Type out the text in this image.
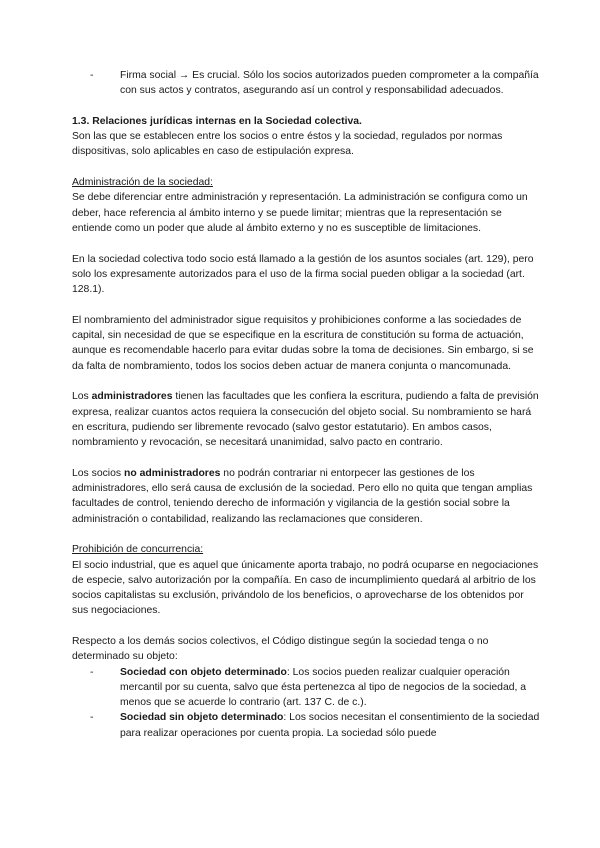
-	Firma social → Es crucial. Sólo los socios autorizados pueden comprometer a la compañía con sus actos y contratos, asegurando así un control y responsabilidad adecuados.

1.3. Relaciones jurídicas internas en la Sociedad colectiva.

Son las que se establecen entre los socios o entre éstos y la sociedad, regulados por normas dispositivas, solo aplicables en caso de estipulación expresa.

Administración de la sociedad:

Se debe diferenciar entre administración y representación. La administración se configura como un deber, hace referencia al ámbito interno y se puede limitar; mientras que la representación se entiende como un poder que alude al ámbito externo y no es susceptible de limitaciones.

En la sociedad colectiva todo socio está llamado a la gestión de los asuntos sociales (art. 129), pero solo los expresamente autorizados para el uso de la firma social pueden obligar a la sociedad (art. 128.1).

El nombramiento del administrador sigue requisitos y prohibiciones conforme a las sociedades de capital, sin necesidad de que se especifique en la escritura de constitución su forma de actuación, aunque es recomendable hacerlo para evitar dudas sobre la toma de decisiones. Sin embargo, si se da falta de nombramiento, todos los socios deben actuar de manera conjunta o mancomunada.

Los administradores tienen las facultades que les confiera la escritura, pudiendo a falta de previsión expresa, realizar cuantos actos requiera la consecución del objeto social. Su nombramiento se hará en escritura, pudiendo ser libremente revocado (salvo gestor estatutario). En ambos casos, nombramiento y revocación, se necesitará unanimidad, salvo pacto en contrario.

Los socios no administradores no podrán contrariar ni entorpecer las gestiones de los administradores, ello será causa de exclusión de la sociedad. Pero ello no quita que tengan amplias facultades de control, teniendo derecho de información y vigilancia de la gestión social sobre la administración o contabilidad, realizando las reclamaciones que consideren.

Prohibición de concurrencia:

El socio industrial, que es aquel que únicamente aporta trabajo, no podrá ocuparse en negociaciones de especie, salvo autorización por la compañía. En caso de incumplimiento quedará al arbitrio de los socios capitalistas su exclusión, privándolo de los beneficios, o aprovecharse de los obtenidos por sus negociaciones.

Respecto a los demás socios colectivos, el Código distingue según la sociedad tenga o no determinado su objeto:

-	Sociedad con objeto determinado: Los socios pueden realizar cualquier operación mercantil por su cuenta, salvo que ésta pertenezca al tipo de negocios de la sociedad, a menos que se acuerde lo contrario (art. 137 C. de c.).
-	Sociedad sin objeto determinado: Los socios necesitan el consentimiento de la sociedad para realizar operaciones por cuenta propia. La sociedad sólo puede
